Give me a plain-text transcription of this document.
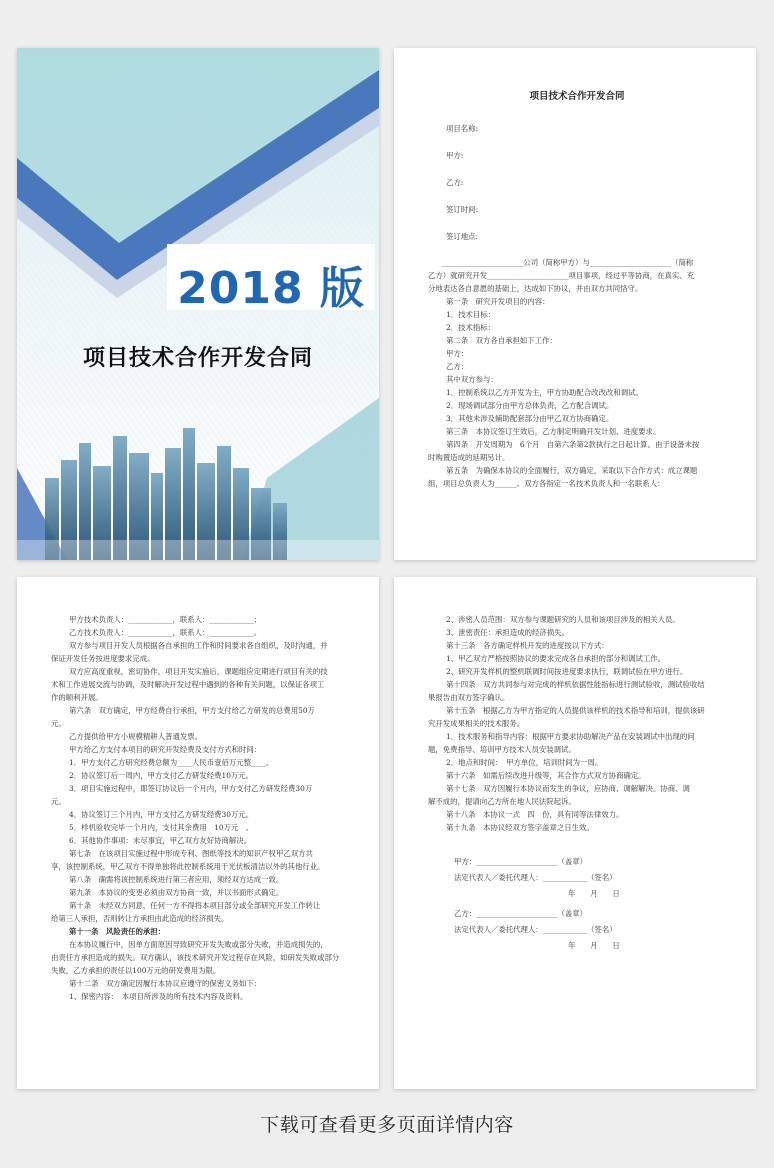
2018 版
项目技术合作开发合同

项目技术合作开发合同

项目名称:

甲方:

乙方:

签订时间:

签订地点:

______________________公司（简称甲方）与______________________（简称

乙方）就研究开发______________________项目事项，经过平等协商，在真实、充

分地表达各自意愿的基础上，达成如下协议，并由双方共同恪守。

第一条　研究开发项目的内容：

1．技术目标：

2．技术指标：

第二条　双方各自承担如下工作：

甲方：

乙方：

其中双方参与：

1．控制系统以乙方开发为主，甲方协助配合改改改和调试。

2．现场调试部分由甲方总体负责，乙方配合调试。

3．其他未涉及辅助配套部分由甲乙双方协商确定。

第三条　本协议签订生效后，乙方制定明确开发计划、进度要求。

第四条　开发周期为　6个月　自第六条第2款执行之日起计算。由于设备未按

时购置造成的延期另计。

第五条　为确保本协议的全面履行，双方确定，采取以下合作方式：成立课题

组，项目总负责人为______。双方各指定一名技术负责人和一名联系人：

甲方技术负责人：____________，联系人：____________；

乙方技术负责人：____________，联系人：____________。

双方参与项目开发人员根据各自承担的工作和时间要求各自组织，及时沟通，并

保证开发任务按进度要求完成。

双方应高度重视，密切协作，项目开发实施后，课题组应定期进行项目有关的技

术和工作进展交流与协调，及时解决开发过程中遇到的各种有关问题，以保证各项工

作的顺利开展。

第六条　双方确定，甲方经费自行承担，甲方支付给乙方研发的总费用50万

元。

乙方提供给甲方小规模精耕人普通发票。

甲方给乙方支付本项目的研究开发经费及支付方式和时间：

1．甲方支付乙方研究经费总额为____人民币壹佰万元整____。

2．协议签订后一周内，甲方支付乙方研发经费10万元。

3．项目实施过程中，即签订协议后一个月内，甲方支付乙方研发经费30万

元。

4．协议签订三个月内，甲方支付乙方研发经费30万元。

5．样机验收完毕一个月内，支付其余费用　10万元　。

6．其他协作事项：未尽事宜，甲乙双方友好协商解决。

第七条　在该项目实施过程中形成专利、图纸等技术的知识产权甲乙双方共

享，该控制系统，甲乙双方不得单独将此控制系统用于光伏板清洁以外的其他行业。

第八条　确需将该控制系统进行第三者应用，须经双方达成一致。

第九条　本协议的变更必须由双方协商一致，并以书面形式确定。

第十条　未经双方同意，任何一方不得将本项目部分或全部研究开发工作转让

给第三人承担，否则转让方承担由此造成的经济损失。

第十一条　风险责任的承担：

在本协议履行中，因单方面原因导致研究开发失败或部分失败，并造成损失的，

由责任方承担造成的损失。双方确认，该技术研究开发过程存在风险，如研发失败或部分

失败，乙方承担的责任以100万元的研发费用为限。

第十二条　双方确定因履行本协议应遵守的保密义务如下：

1、保密内容：　本项目所涉及的所有技术内容及资料。

2、涉密人员范围：双方参与课题研究的人员和该项目涉及的相关人员。

3、泄密责任：承担造成的经济损失。

第十三条　各方确定样机开发的进度按以下方式：

1、甲乙双方严格按照协议的要求完成各自承担的部分和调试工作。

2、研究开发样机的整机联调时间按进度要求执行，联调试验在甲方进行。

第十四条　双方共同参与对完成的样机依据性能指标进行测试验收，测试验收结

果报告由双方签字确认。

第十五条　根据乙方为甲方指定的人员提供该样机的技术指导和培训，提供该研

究开发成果相关的技术服务。

1．技术服务和指导内容：根据甲方要求协助解决产品在安装调试中出现的问

题，免费指导、培训甲方技术人员安装调试。

2．地点和时间：　甲方单位，培训时间为一周。

第十六条　如需后续改进升级等，其合作方式双方协商确定。

第十七条　双方因履行本协议而发生的争议，应协商、调解解决。协商、调

解不成的，提请向乙方所在地人民法院起诉。

第十八条　本协议一式　四　份，具有同等法律效力。

第十九条　本协议经双方签字盖章之日生效。

甲方：______________________（盖章）

法定代表人／委托代理人：____________（签名）

年　　月　　日

乙方：______________________（盖章）

法定代表人／委托代理人：____________（签名）

年　　月　　日

下载可查看更多页面详情内容
